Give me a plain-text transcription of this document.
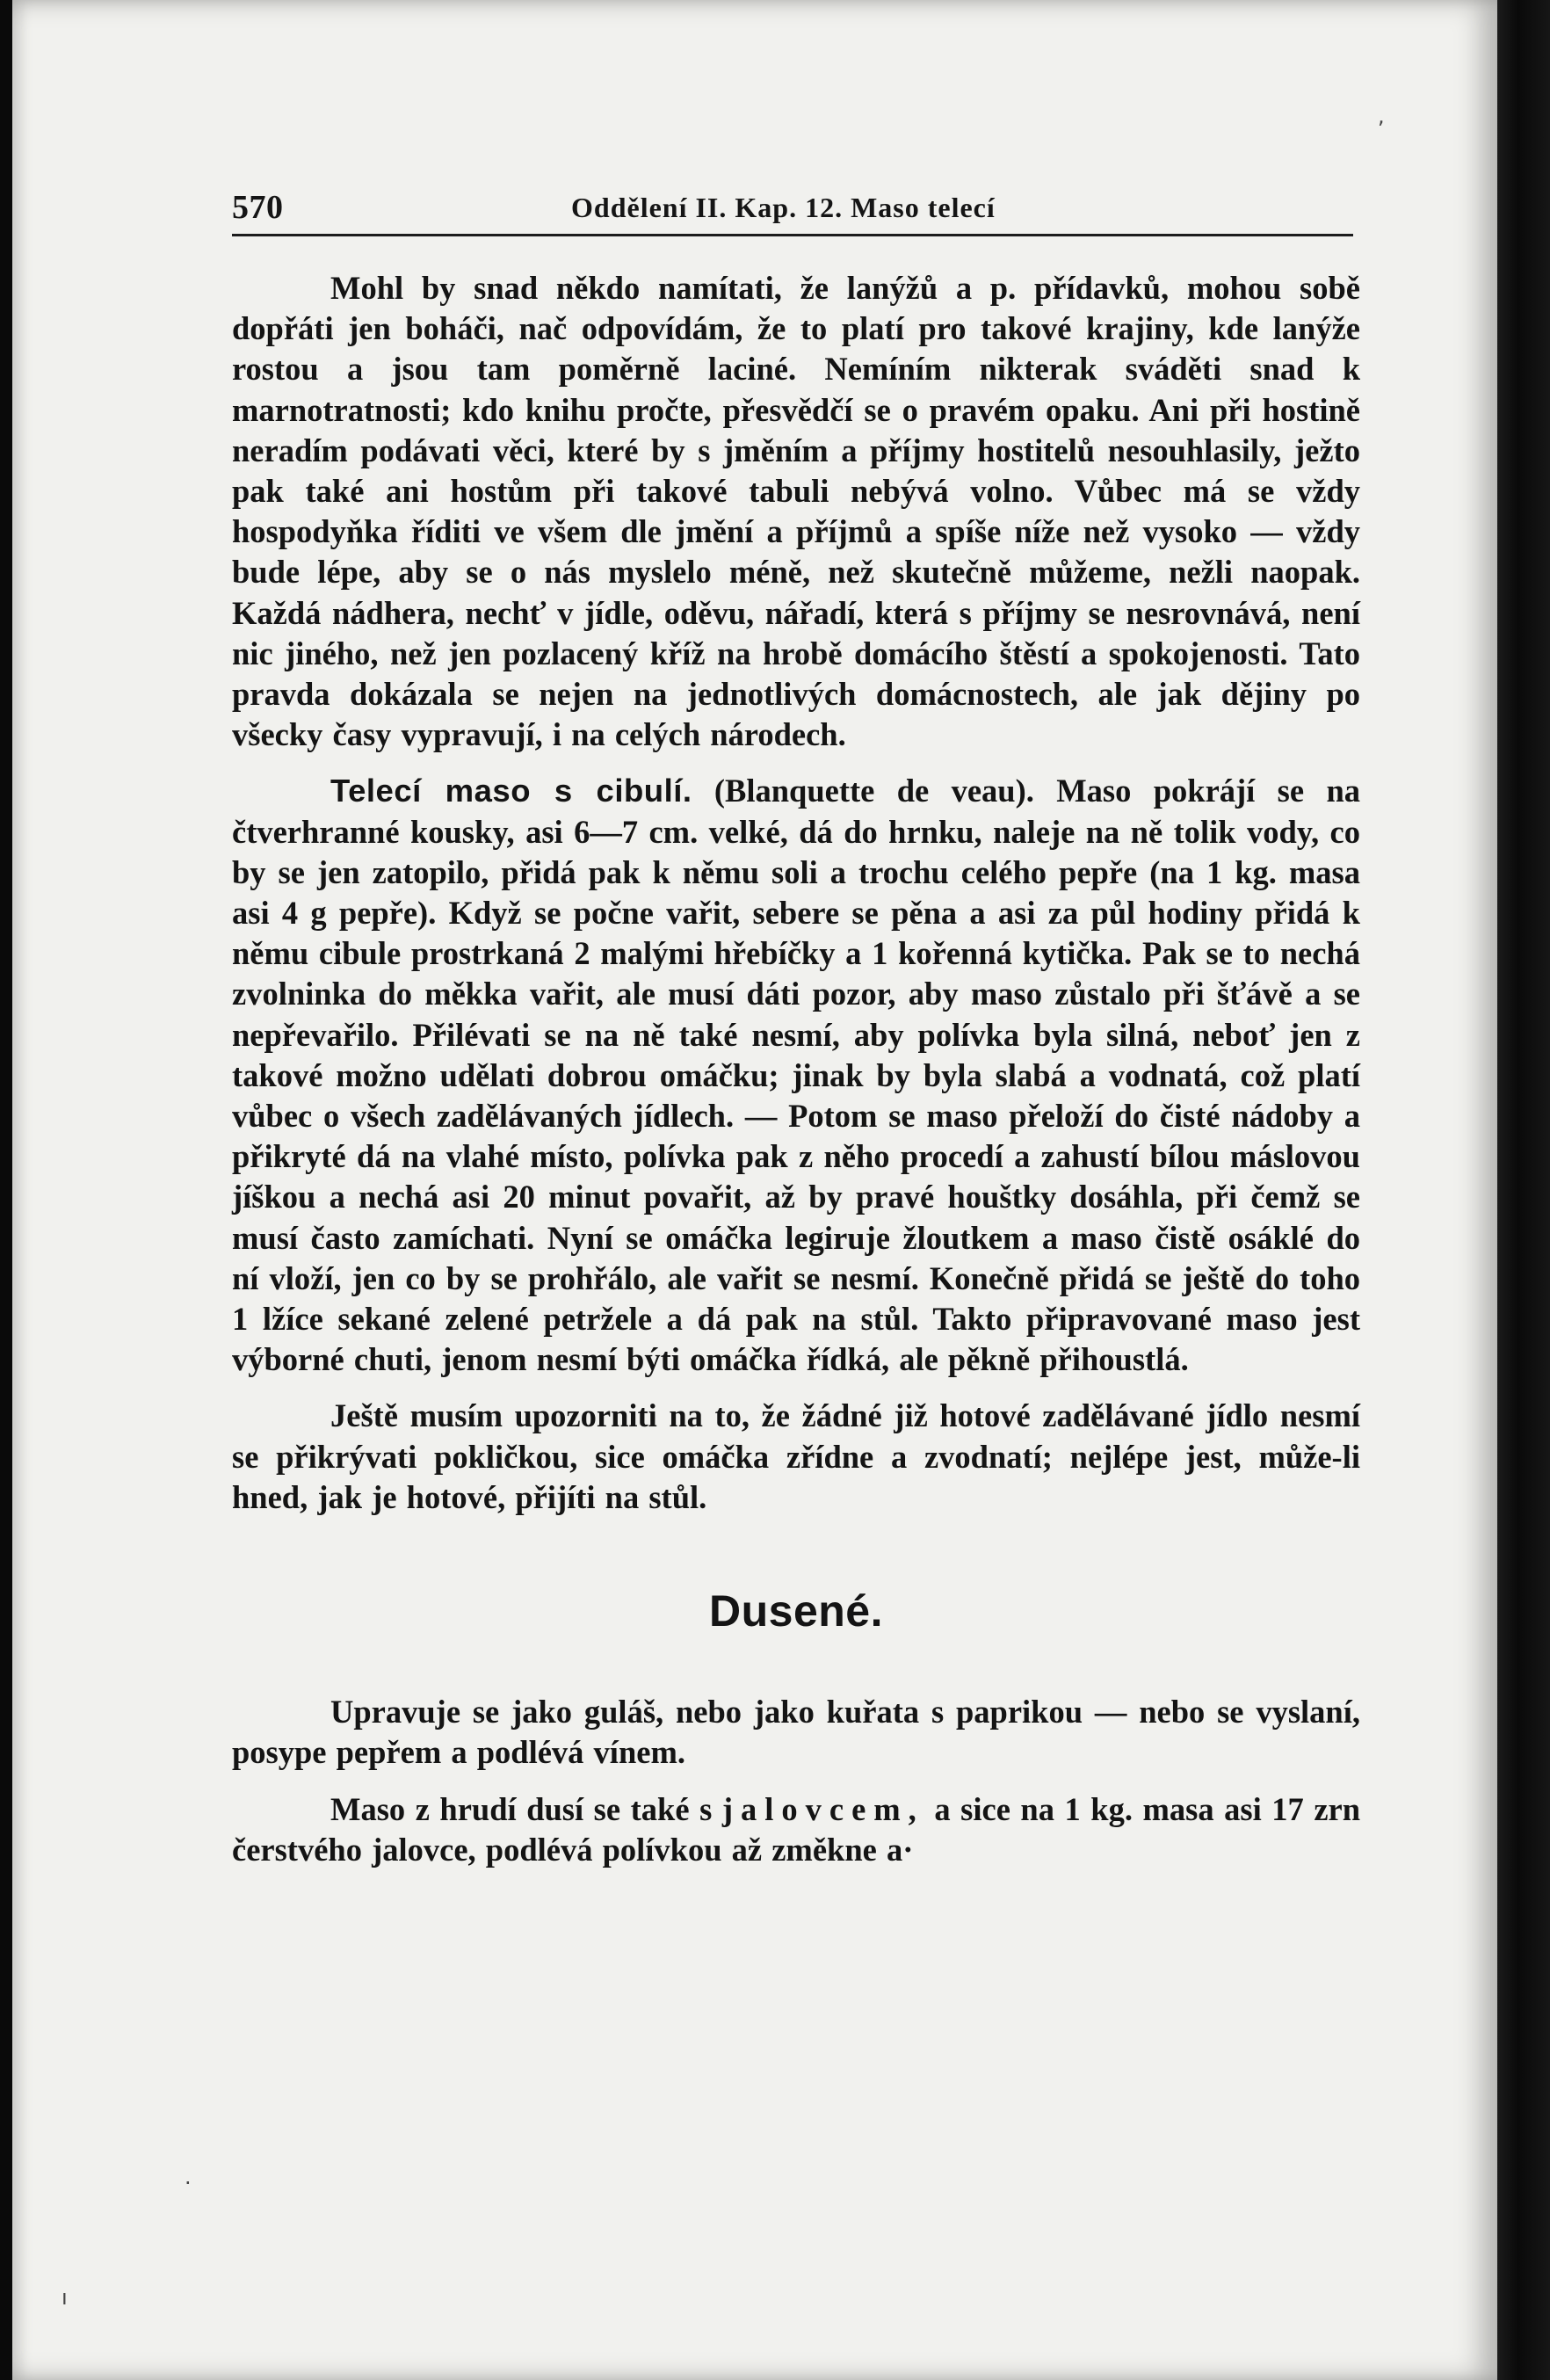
570	Oddělení II. Kap. 12. Maso telecí

Mohl by snad někdo namítati, že lanýžů a p. přídavků, mohou sobě dopřáti jen boháči, nač odpovídám, že to platí pro takové krajiny, kde lanýže rostou a jsou tam poměrně laciné. Nemíním nikterak sváděti snad k marnotratnosti; kdo knihu pročte, přesvědčí se o pravém opaku. Ani při hostině neradím podávati věci, které by s jměním a příjmy hostitelů nesouhlasily, ježto pak také ani hostům při takové tabuli nebývá volno. Vůbec má se vždy hospodyňka říditi ve všem dle jmění a příjmů a spíše níže než vysoko — vždy bude lépe, aby se o nás myslelo méně, než skutečně můžeme, nežli naopak. Každá nádhera, nechť v jídle, oděvu, nářadí, která s příjmy se nesrovnává, není nic jiného, než jen pozlacený kříž na hrobě domácího štěstí a spokojenosti. Tato pravda dokázala se nejen na jednotlivých domácnostech, ale jak dějiny po všecky časy vypravují, i na celých národech.

Telecí maso s cibulí. (Blanquette de veau). Maso pokrájí se na čtverhranné kousky, asi 6—7 cm. velké, dá do hrnku, naleje na ně tolik vody, co by se jen zatopilo, přidá pak k němu soli a trochu celého pepře (na 1 kg. masa asi 4 g pepře). Když se počne vařit, sebere se pěna a asi za půl hodiny přidá k němu cibule prostrkaná 2 malými hřebíčky a 1 kořenná kytička. Pak se to nechá zvolninka do měkka vařit, ale musí dáti pozor, aby maso zůstalo při šťávě a se nepřevařilo. Přilévati se na ně také nesmí, aby polívka byla silná, neboť jen z takové možno udělati dobrou omáčku; jinak by byla slabá a vodnatá, což platí vůbec o všech zadělávaných jídlech. — Potom se maso přeloží do čisté nádoby a přikryté dá na vlahé místo, polívka pak z něho procedí a zahustí bílou máslovou jíškou a nechá asi 20 minut povařit, až by pravé houštky dosáhla, při čemž se musí často zamíchati. Nyní se omáčka legiruje žloutkem a maso čistě osáklé do ní vloží, jen co by se prohřálo, ale vařit se nesmí. Konečně přidá se ještě do toho 1 lžíce sekané zelené petržele a dá pak na stůl. Takto připravované maso jest výborné chuti, jenom nesmí býti omáčka řídká, ale pěkně přihoustlá.

Ještě musím upozorniti na to, že žádné již hotové zadělávané jídlo nesmí se přikrývati pokličkou, sice omáčka zřídne a zvodnatí; nejlépe jest, může-li hned, jak je hotové, přijíti na stůl.

Dusené.

Upravuje se jako guláš, nebo jako kuřata s paprikou — nebo se vyslaní, posype pepřem a podlévá vínem.

Maso z hrudí dusí se také s jalovcem, a sice na 1 kg. masa asi 17 zrn čerstvého jalovce, podlévá polívkou až změkne a·

,
·
ı
